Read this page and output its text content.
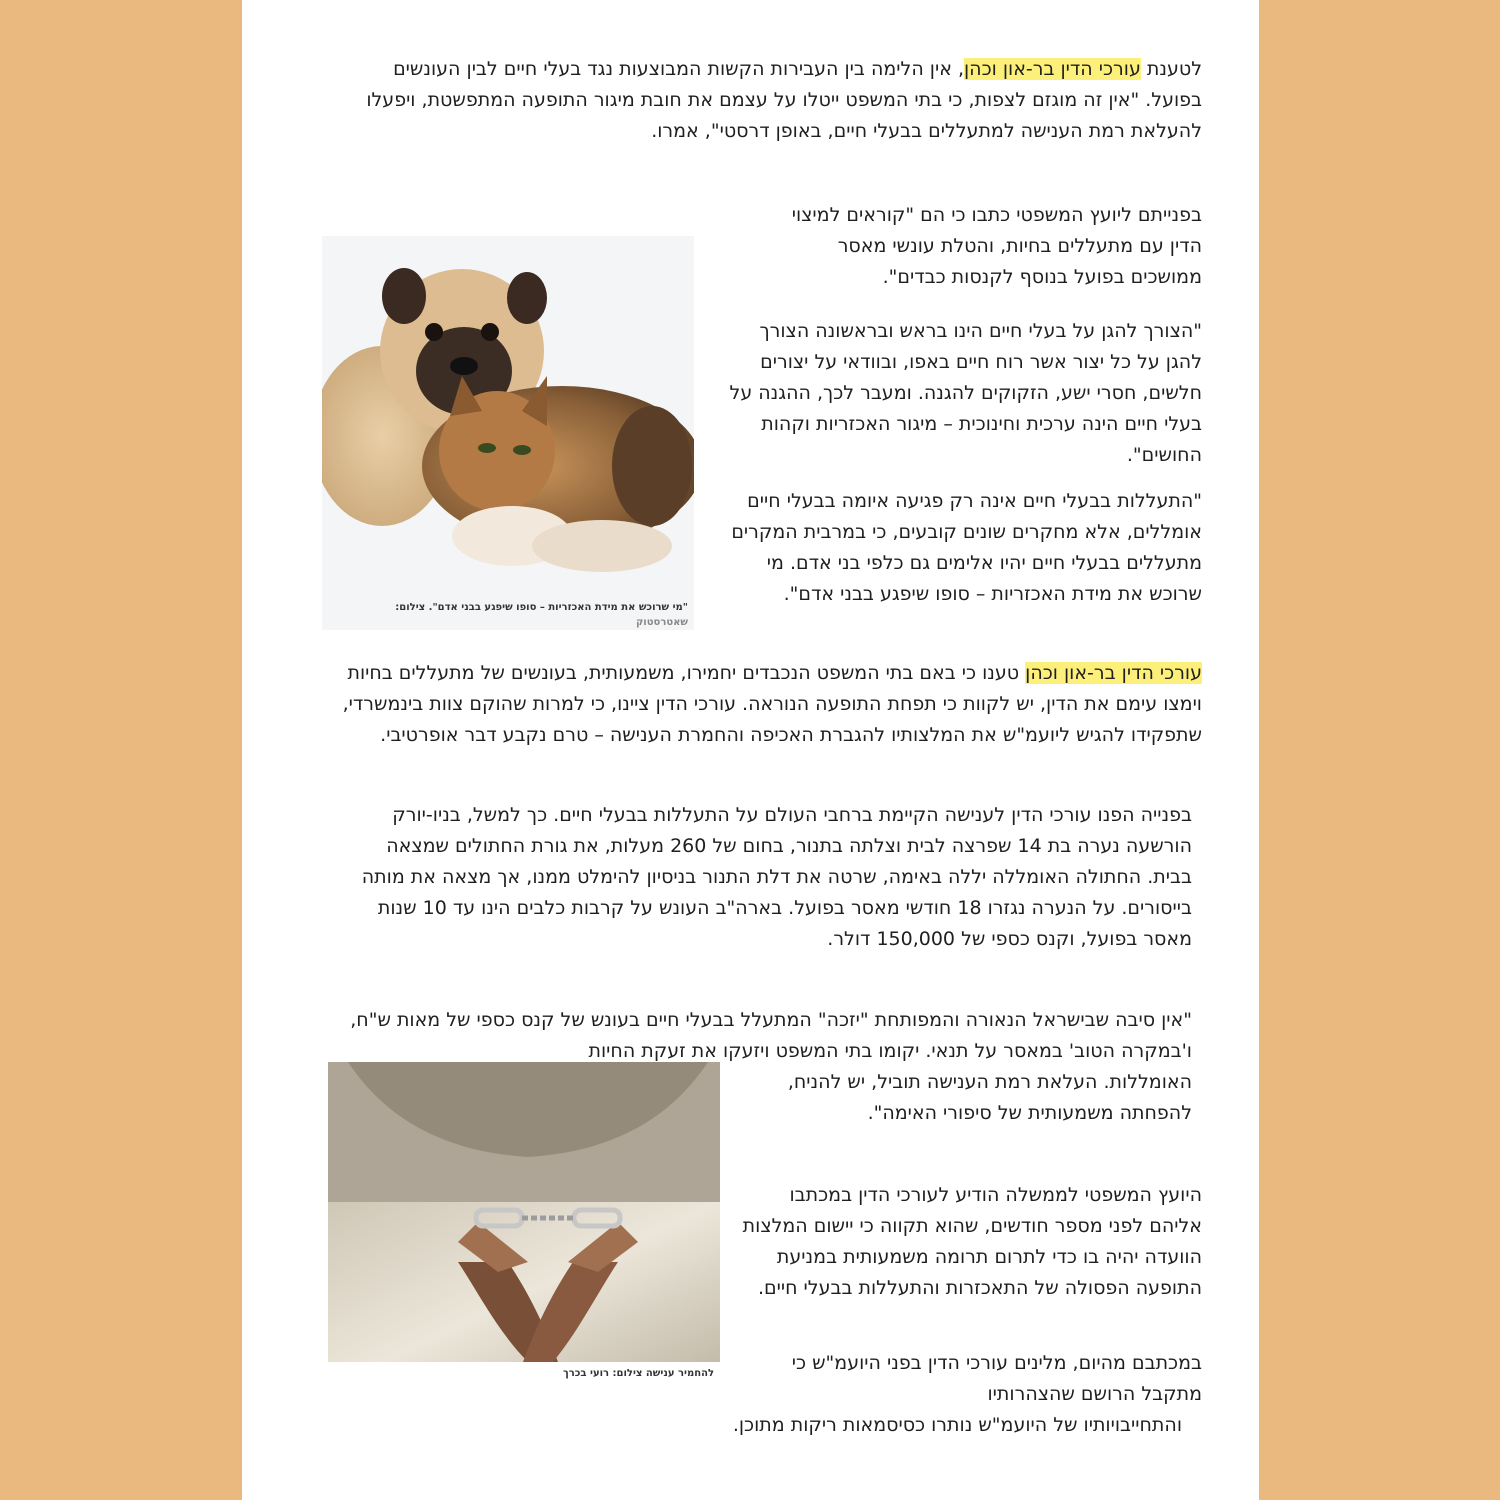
לטענת עורכי הדין בר-און וכהן, אין הלימה בין העבירות הקשות המבוצעות נגד בעלי חיים לבין העונשים בפועל. "אין זה מוגזם לצפות, כי בתי המשפט ייטלו על עצמם את חובת מיגור התופעה המתפשטת, ויפעלו להעלאת רמת הענישה למתעללים בבעלי חיים, באופן דרסטי", אמרו.

בפנייתם ליועץ המשפטי כתבו כי הם "קוראים למיצוי הדין עם מתעללים בחיות, והטלת עונשי מאסר ממושכים בפועל בנוסף לקנסות כבדים".

"מי שרוכש את מידת האכזריות – סופו שיפגע בבני אדם". צילום:
שאטרסטוק

"הצורך להגן על בעלי חיים הינו בראש ובראשונה הצורך להגן על כל יצור אשר רוח חיים באפו, ובוודאי על יצורים חלשים, חסרי ישע, הזקוקים להגנה. ומעבר לכך, ההגנה על בעלי חיים הינה ערכית וחינוכית – מיגור האכזריות וקהות החושים".

"התעללות בבעלי חיים אינה רק פגיעה איומה בבעלי חיים אומללים, אלא מחקרים שונים קובעים, כי במרבית המקרים מתעללים בבעלי חיים יהיו אלימים גם כלפי בני אדם. מי שרוכש את מידת האכזריות – סופו שיפגע בבני אדם".

עורכי הדין בר-און וכהן טענו כי באם בתי המשפט הנכבדים יחמירו, משמעותית, בעונשים של מתעללים בחיות וימצו עימם את הדין, יש לקוות כי תפחת התופעה הנוראה. עורכי הדין ציינו, כי למרות שהוקם צוות בינמשרדי, שתפקידו להגיש ליועמ"ש את המלצותיו להגברת האכיפה והחמרת הענישה – טרם נקבע דבר אופרטיבי.

בפנייה הפנו עורכי הדין לענישה הקיימת ברחבי העולם על התעללות בבעלי חיים. כך למשל, בניו-יורק הורשעה נערה בת 14 שפרצה לבית וצלתה בתנור, בחום של 260 מעלות, את גורת החתולים שמצאה בבית. החתולה האומללה יללה באימה, שרטה את דלת התנור בניסיון להימלט ממנו, אך מצאה את מותה בייסורים. על הנערה נגזרו 18 חודשי מאסר בפועל. בארה"ב העונש על קרבות כלבים הינו עד 10 שנות מאסר בפועל, וקנס כספי של 150,000 דולר.

"אין סיבה שבישראל הנאורה והמפותחת "יזכה" המתעלל בבעלי חיים בעונש של קנס כספי של מאות ש"ח, ו'במקרה הטוב' במאסר על תנאי. יקומו בתי המשפט ויזעקו את זעקת החיות

להחמיר ענישה צילום: רועי בכרך

האומללות. העלאת רמת הענישה תוביל, יש להניח, להפחתה משמעותית של סיפורי האימה".

היועץ המשפטי לממשלה הודיע לעורכי הדין במכתבו אליהם לפני מספר חודשים, שהוא תקווה כי יישום המלצות הוועדה יהיה בו כדי לתרום תרומה משמעותית במניעת התופעה הפסולה של התאכזרות והתעללות בבעלי חיים.

במכתבם מהיום, מלינים עורכי הדין בפני היועמ"ש כי מתקבל הרושם שהצהרותיו

והתחייבויותיו של היועמ"ש נותרו כסיסמאות ריקות מתוכן.
